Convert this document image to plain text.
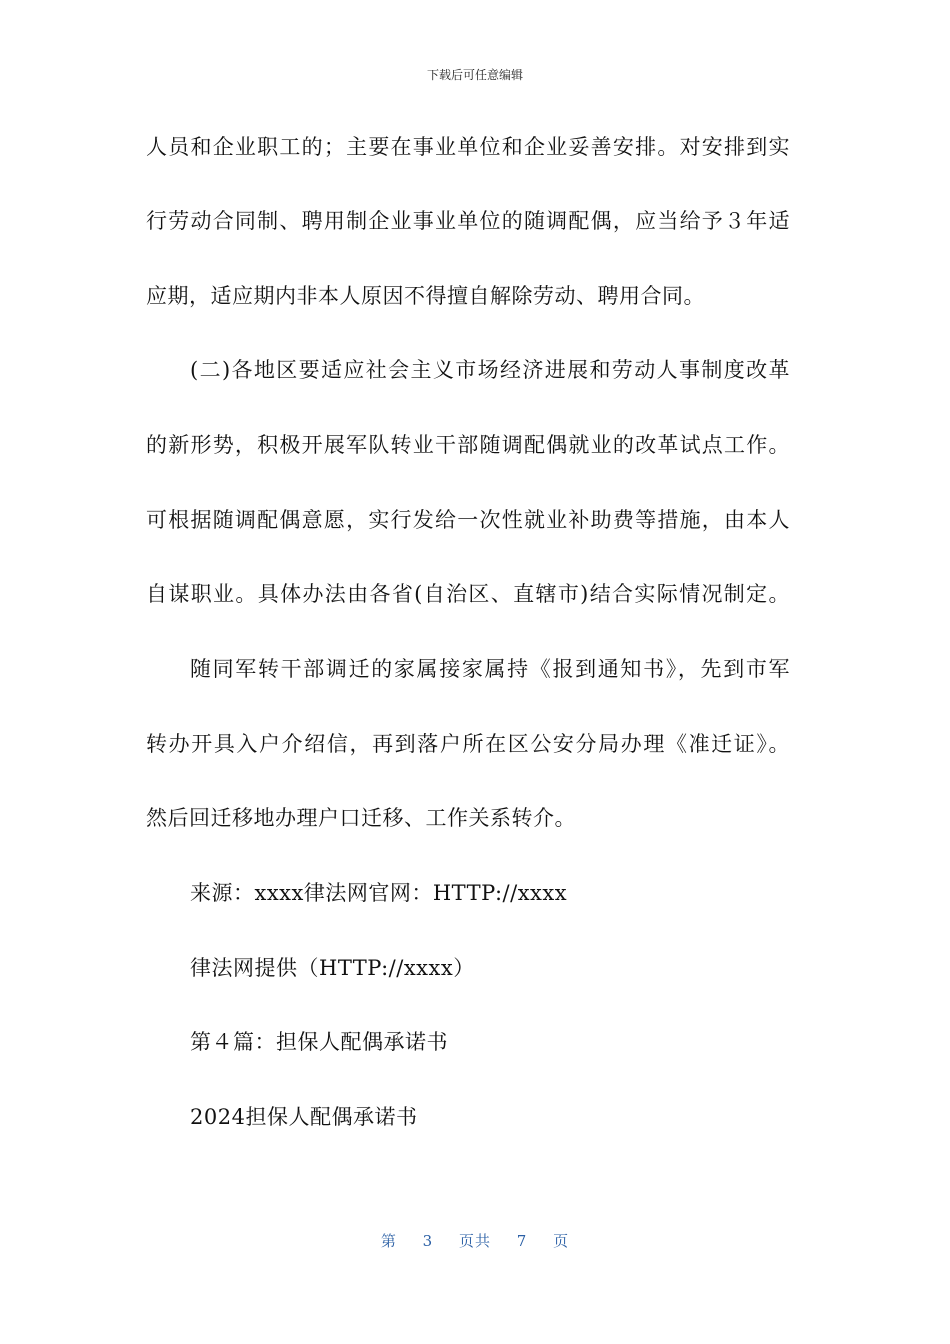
下载后可任意编辑
人员和企业职工的；主要在事业单位和企业妥善安排。对安排到实
行劳动合同制、聘用制企业事业单位的随调配偶，应当给予３年适
应期，适应期内非本人原因不得擅自解除劳动、聘用合同。
(二)各地区要适应社会主义市场经济进展和劳动人事制度改革
的新形势，积极开展军队转业干部随调配偶就业的改革试点工作。
可根据随调配偶意愿，实行发给一次性就业补助费等措施，由本人
自谋职业。具体办法由各省(自治区、直辖市)结合实际情况制定。
随同军转干部调迁的家属接家属持《报到通知书》，先到市军
转办开具入户介绍信，再到落户所在区公安分局办理《准迁证》。
然后回迁移地办理户口迁移、工作关系转介。
来源：xxxx律法网官网：HTTP://xxxx
律法网提供（HTTP://xxxx）
第４篇：担保人配偶承诺书
2024担保人配偶承诺书
第 3 页共 7 页
